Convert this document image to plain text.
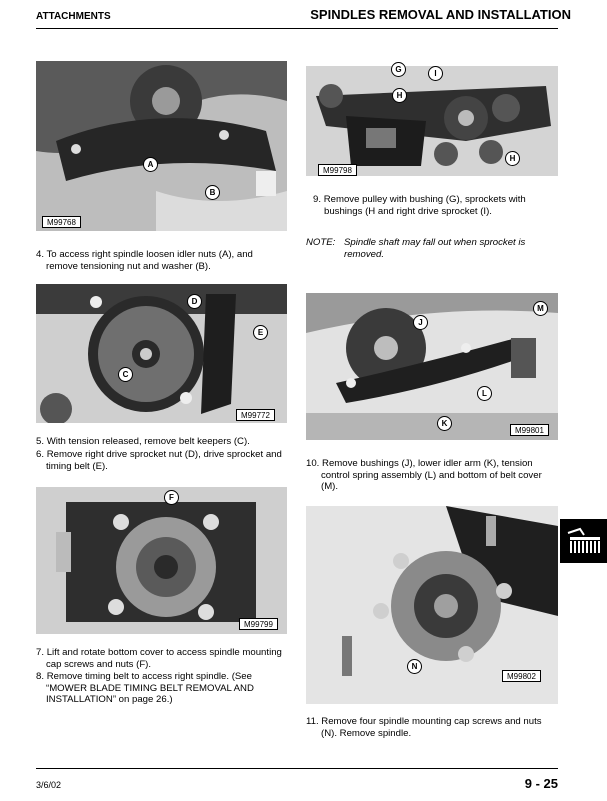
ATTACHMENTS	SPINDLES REMOVAL AND INSTALLATION
A
B
M99768
4. To access right spindle loosen idler nuts (A), and remove tensioning nut and washer (B).
G	I
H
H
M99798
9. Remove pulley with bushing (G), sprockets with bushings (H and right drive sprocket (I).
NOTE: Spindle shaft may fall out when sprocket is removed.
D
E
C
M99772
5. With tension released, remove belt keepers (C).
6. Remove right drive sprocket nut (D), drive sprocket and timing belt (E).
M
J
L
K
M99801
10. Remove bushings (J), lower idler arm (K), tension control spring assembly (L) and bottom of belt cover (M).
F
M99799
7. Lift and rotate bottom cover to access spindle mounting cap screws and nuts (F).
8. Remove timing belt to access right spindle. (See “MOWER BLADE TIMING BELT REMOVAL AND INSTALLATION” on page 26.)
N
M99802
11. Remove four spindle mounting cap screws and nuts (N). Remove spindle.
3/6/02	9 - 25
